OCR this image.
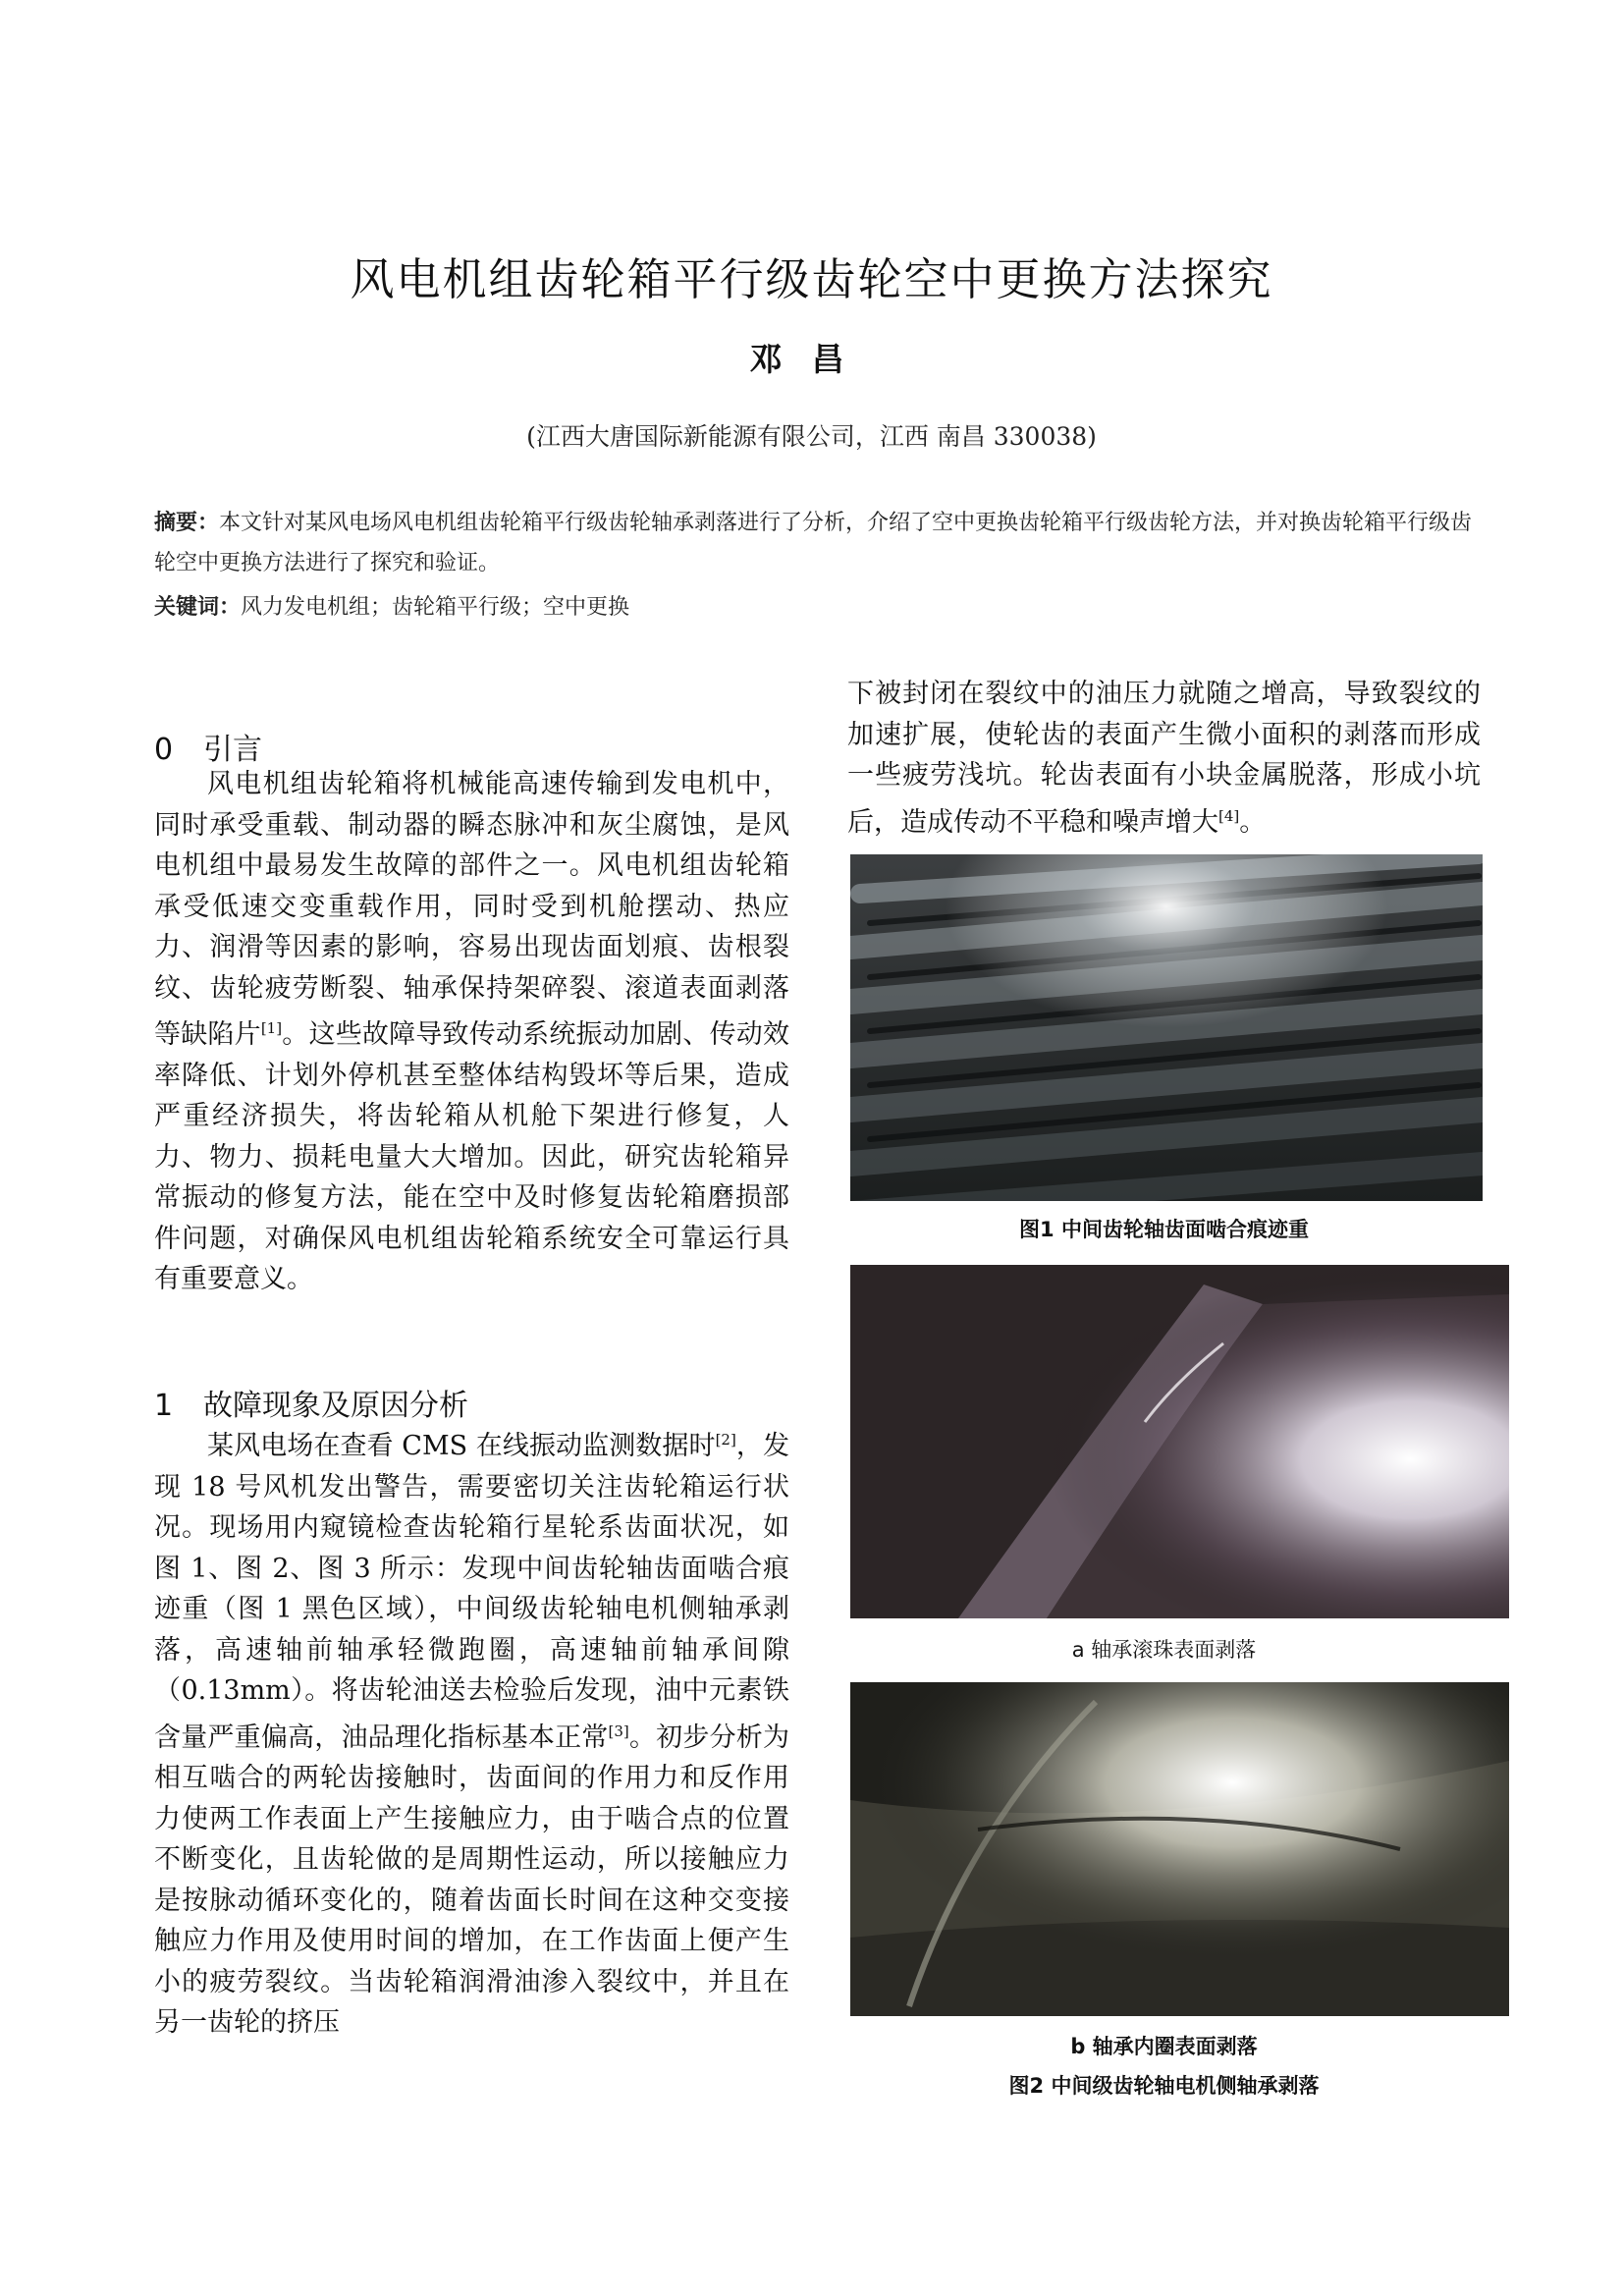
风电机组齿轮箱平行级齿轮空中更换方法探究
邓昌
(江西大唐国际新能源有限公司，江西 南昌 330038)
摘要：本文针对某风电场风电机组齿轮箱平行级齿轮轴承剥落进行了分析，介绍了空中更换齿轮箱平行级齿轮方法，并对换齿轮箱平行级齿轮空中更换方法进行了探究和验证。
关键词：风力发电机组；齿轮箱平行级；空中更换
0 引言
风电机组齿轮箱将机械能高速传输到发电机中，同时承受重载、制动器的瞬态脉冲和灰尘腐蚀，是风电机组中最易发生故障的部件之一。风电机组齿轮箱承受低速交变重载作用，同时受到机舱摆动、热应力、润滑等因素的影响，容易出现齿面划痕、齿根裂纹、齿轮疲劳断裂、轴承保持架碎裂、滚道表面剥落等缺陷片[1]。这些故障导致传动系统振动加剧、传动效率降低、计划外停机甚至整体结构毁坏等后果，造成严重经济损失，将齿轮箱从机舱下架进行修复，人力、物力、损耗电量大大增加。因此，研究齿轮箱异常振动的修复方法，能在空中及时修复齿轮箱磨损部件问题，对确保风电机组齿轮箱系统安全可靠运行具有重要意义。
1 故障现象及原因分析
某风电场在查看 CMS 在线振动监测数据时[2]，发现 18 号风机发出警告，需要密切关注齿轮箱运行状况。现场用内窥镜检查齿轮箱行星轮系齿面状况，如图 1、图 2、图 3 所示：发现中间齿轮轴齿面啮合痕迹重（图 1 黑色区域），中间级齿轮轴电机侧轴承剥落，高速轴前轴承轻微跑圈，高速轴前轴承间隙（0.13mm）。将齿轮油送去检验后发现，油中元素铁含量严重偏高，油品理化指标基本正常[3]。初步分析为相互啮合的两轮齿接触时，齿面间的作用力和反作用力使两工作表面上产生接触应力，由于啮合点的位置不断变化，且齿轮做的是周期性运动，所以接触应力是按脉动循环变化的，随着齿面长时间在这种交变接触应力作用及使用时间的增加，在工作齿面上便产生小的疲劳裂纹。当齿轮箱润滑油渗入裂纹中，并且在另一齿轮的挤压
下被封闭在裂纹中的油压力就随之增高，导致裂纹的加速扩展，使轮齿的表面产生微小面积的剥落而形成一些疲劳浅坑。轮齿表面有小块金属脱落，形成小坑后，造成传动不平稳和噪声增大[4]。
图1 中间齿轮轴齿面啮合痕迹重
a 轴承滚珠表面剥落
b 轴承内圈表面剥落
图2 中间级齿轮轴电机侧轴承剥落
